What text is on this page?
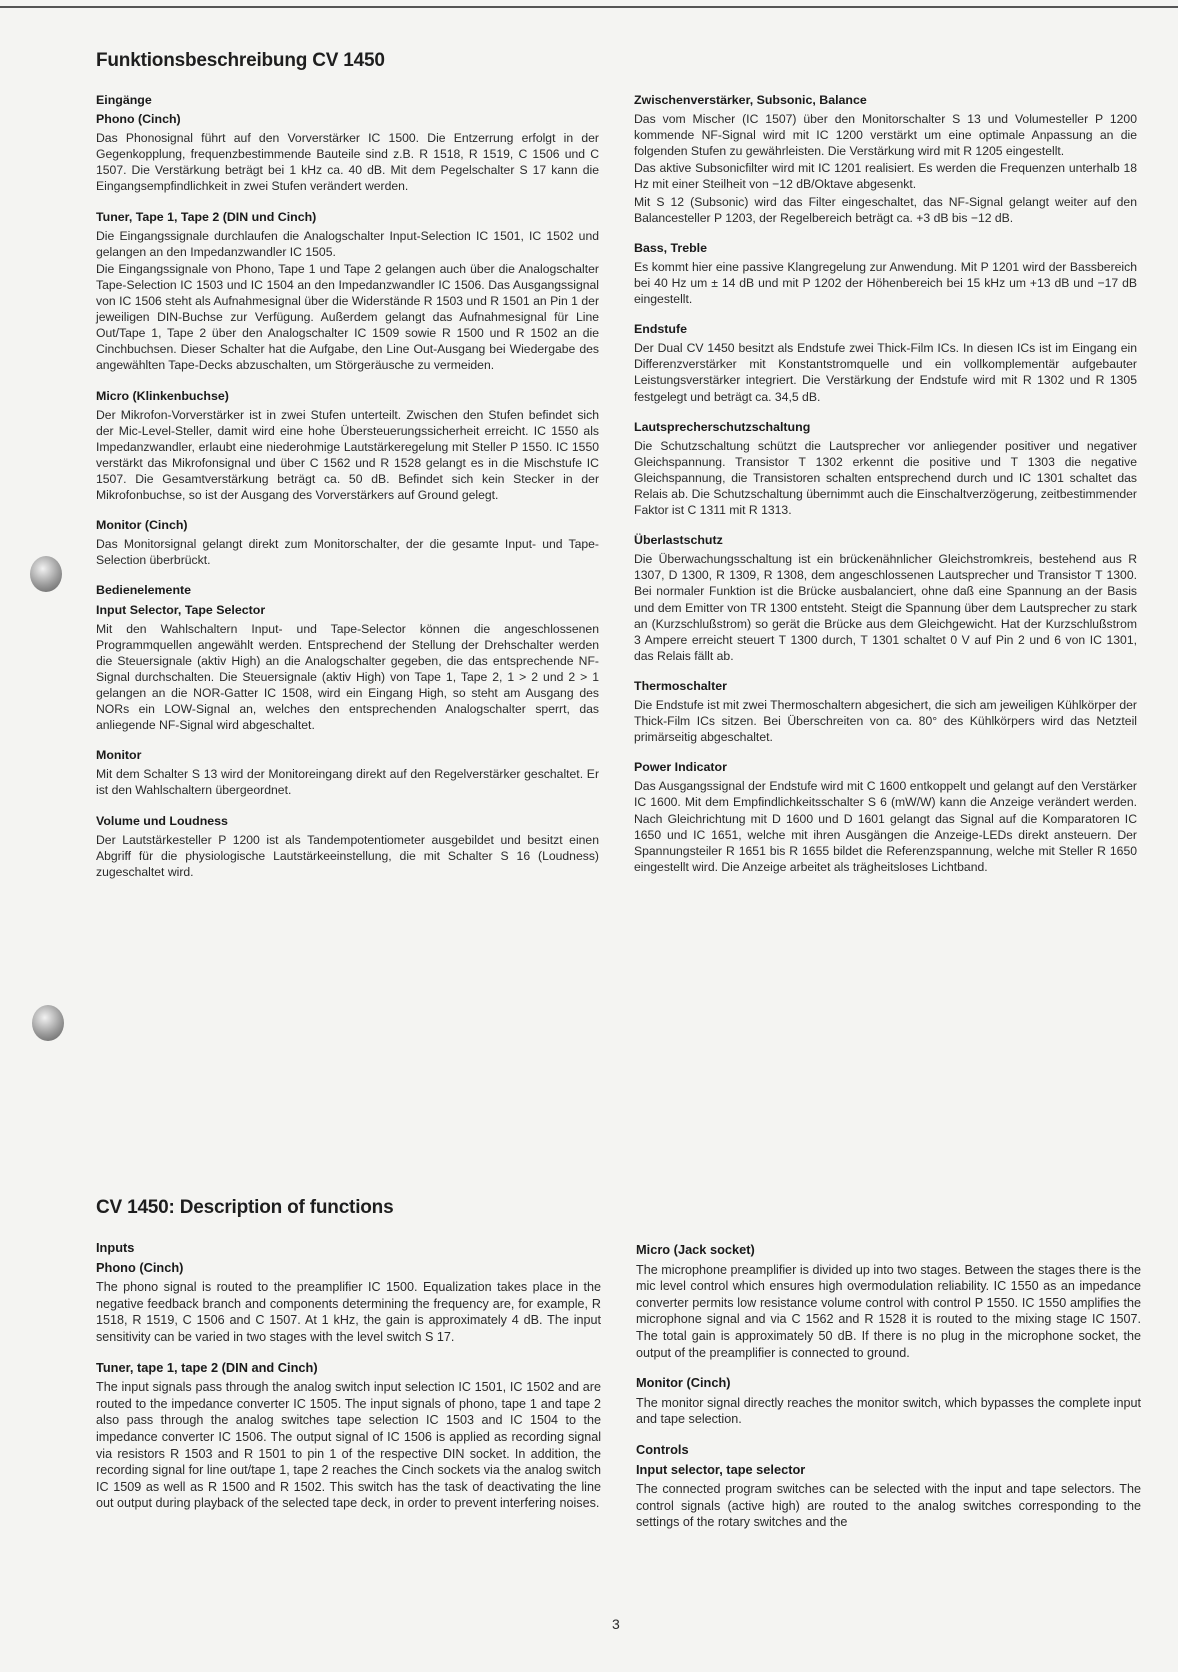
Funktionsbeschreibung CV 1450
Eingänge
Phono (Cinch)
Das Phonosignal führt auf den Vorverstärker IC 1500. Die Entzerrung erfolgt in der Gegenkopplung, frequenzbestimmende Bauteile sind z.B. R 1518, R 1519, C 1506 und C 1507. Die Verstärkung beträgt bei 1 kHz ca. 40 dB. Mit dem Pegelschalter S 17 kann die Eingangsempfindlichkeit in zwei Stufen verändert werden.
Tuner, Tape 1, Tape 2 (DIN und Cinch)
Die Eingangssignale durchlaufen die Analogschalter Input-Selection IC 1501, IC 1502 und gelangen an den Impedanzwandler IC 1505.
Die Eingangssignale von Phono, Tape 1 und Tape 2 gelangen auch über die Analogschalter Tape-Selection IC 1503 und IC 1504 an den Impedanzwandler IC 1506. Das Ausgangssignal von IC 1506 steht als Aufnahmesignal über die Widerstände R 1503 und R 1501 an Pin 1 der jeweiligen DIN-Buchse zur Verfügung. Außerdem gelangt das Aufnahmesignal für Line Out/Tape 1, Tape 2 über den Analogschalter IC 1509 sowie R 1500 und R 1502 an die Cinchbuchsen. Dieser Schalter hat die Aufgabe, den Line Out-Ausgang bei Wiedergabe des angewählten Tape-Decks abzuschalten, um Störgeräusche zu vermeiden.
Micro (Klinkenbuchse)
Der Mikrofon-Vorverstärker ist in zwei Stufen unterteilt. Zwischen den Stufen befindet sich der Mic-Level-Steller, damit wird eine hohe Übersteuerungssicherheit erreicht. IC 1550 als Impedanzwandler, erlaubt eine niederohmige Lautstärkeregelung mit Steller P 1550. IC 1550 verstärkt das Mikrofonsignal und über C 1562 und R 1528 gelangt es in die Mischstufe IC 1507. Die Gesamtverstärkung beträgt ca. 50 dB. Befindet sich kein Stecker in der Mikrofonbuchse, so ist der Ausgang des Vorverstärkers auf Ground gelegt.
Monitor (Cinch)
Das Monitorsignal gelangt direkt zum Monitorschalter, der die gesamte Input- und Tape-Selection überbrückt.
Bedienelemente
Input Selector, Tape Selector
Mit den Wahlschaltern Input- und Tape-Selector können die angeschlossenen Programmquellen angewählt werden. Entsprechend der Stellung der Drehschalter werden die Steuersignale (aktiv High) an die Analogschalter gegeben, die das entsprechende NF-Signal durchschalten. Die Steuersignale (aktiv High) von Tape 1, Tape 2, 1 > 2 und 2 > 1 gelangen an die NOR-Gatter IC 1508, wird ein Eingang High, so steht am Ausgang des NORs ein LOW-Signal an, welches den entsprechenden Analogschalter sperrt, das anliegende NF-Signal wird abgeschaltet.
Monitor
Mit dem Schalter S 13 wird der Monitoreingang direkt auf den Regelverstärker geschaltet. Er ist den Wahlschaltern übergeordnet.
Volume und Loudness
Der Lautstärkesteller P 1200 ist als Tandempotentiometer ausgebildet und besitzt einen Abgriff für die physiologische Lautstärkeeinstellung, die mit Schalter S 16 (Loudness) zugeschaltet wird.
Zwischenverstärker, Subsonic, Balance
Das vom Mischer (IC 1507) über den Monitorschalter S 13 und Volumesteller P 1200 kommende NF-Signal wird mit IC 1200 verstärkt um eine optimale Anpassung an die folgenden Stufen zu gewährleisten. Die Verstärkung wird mit R 1205 eingestellt.
Das aktive Subsonicfilter wird mit IC 1201 realisiert. Es werden die Frequenzen unterhalb 18 Hz mit einer Steilheit von −12 dB/Oktave abgesenkt.
Mit S 12 (Subsonic) wird das Filter eingeschaltet, das NF-Signal gelangt weiter auf den Balancesteller P 1203, der Regelbereich beträgt ca. +3 dB bis −12 dB.
Bass, Treble
Es kommt hier eine passive Klangregelung zur Anwendung. Mit P 1201 wird der Bassbereich bei 40 Hz um ± 14 dB und mit P 1202 der Höhenbereich bei 15 kHz um +13 dB und −17 dB eingestellt.
Endstufe
Der Dual CV 1450 besitzt als Endstufe zwei Thick-Film ICs. In diesen ICs ist im Eingang ein Differenzverstärker mit Konstantstromquelle und ein vollkomplementär aufgebauter Leistungsverstärker integriert. Die Verstärkung der Endstufe wird mit R 1302 und R 1305 festgelegt und beträgt ca. 34,5 dB.
Lautsprecherschutzschaltung
Die Schutzschaltung schützt die Lautsprecher vor anliegender positiver und negativer Gleichspannung. Transistor T 1302 erkennt die positive und T 1303 die negative Gleichspannung, die Transistoren schalten entsprechend durch und IC 1301 schaltet das Relais ab. Die Schutzschaltung übernimmt auch die Einschaltverzögerung, zeitbestimmender Faktor ist C 1311 mit R 1313.
Überlastschutz
Die Überwachungsschaltung ist ein brückenähnlicher Gleichstromkreis, bestehend aus R 1307, D 1300, R 1309, R 1308, dem angeschlossenen Lautsprecher und Transistor T 1300. Bei normaler Funktion ist die Brücke ausbalanciert, ohne daß eine Spannung an der Basis und dem Emitter von TR 1300 entsteht. Steigt die Spannung über dem Lautsprecher zu stark an (Kurzschlußstrom) so gerät die Brücke aus dem Gleichgewicht. Hat der Kurzschlußstrom 3 Ampere erreicht steuert T 1300 durch, T 1301 schaltet 0 V auf Pin 2 und 6 von IC 1301, das Relais fällt ab.
Thermoschalter
Die Endstufe ist mit zwei Thermoschaltern abgesichert, die sich am jeweiligen Kühlkörper der Thick-Film ICs sitzen. Bei Überschreiten von ca. 80° des Kühlkörpers wird das Netzteil primärseitig abgeschaltet.
Power Indicator
Das Ausgangssignal der Endstufe wird mit C 1600 entkoppelt und gelangt auf den Verstärker IC 1600. Mit dem Empfindlichkeitsschalter S 6 (mW/W) kann die Anzeige verändert werden. Nach Gleichrichtung mit D 1600 und D 1601 gelangt das Signal auf die Komparatoren IC 1650 und IC 1651, welche mit ihren Ausgängen die Anzeige-LEDs direkt ansteuern. Der Spannungsteiler R 1651 bis R 1655 bildet die Referenzspannung, welche mit Steller R 1650 eingestellt wird. Die Anzeige arbeitet als trägheitsloses Lichtband.
CV 1450: Description of functions
Inputs
Phono (Cinch)
The phono signal is routed to the preamplifier IC 1500. Equalization takes place in the negative feedback branch and components determining the frequency are, for example, R 1518, R 1519, C 1506 and C 1507. At 1 kHz, the gain is approximately 4 dB. The input sensitivity can be varied in two stages with the level switch S 17.
Tuner, tape 1, tape 2 (DIN and Cinch)
The input signals pass through the analog switch input selection IC 1501, IC 1502 and are routed to the impedance converter IC 1505. The input signals of phono, tape 1 and tape 2 also pass through the analog switches tape selection IC 1503 and IC 1504 to the impedance converter IC 1506. The output signal of IC 1506 is applied as recording signal via resistors R 1503 and R 1501 to pin 1 of the respective DIN socket. In addition, the recording signal for line out/tape 1, tape 2 reaches the Cinch sockets via the analog switch IC 1509 as well as R 1500 and R 1502. This switch has the task of deactivating the line out output during playback of the selected tape deck, in order to prevent interfering noises.
Micro (Jack socket)
The microphone preamplifier is divided up into two stages. Between the stages there is the mic level control which ensures high overmodulation reliability. IC 1550 as an impedance converter permits low resistance volume control with control P 1550. IC 1550 amplifies the microphone signal and via C 1562 and R 1528 it is routed to the mixing stage IC 1507. The total gain is approximately 50 dB. If there is no plug in the microphone socket, the output of the preamplifier is connected to ground.
Monitor (Cinch)
The monitor signal directly reaches the monitor switch, which bypasses the complete input and tape selection.
Controls
Input selector, tape selector
The connected program switches can be selected with the input and tape selectors. The control signals (active high) are routed to the analog switches corresponding to the settings of the rotary switches and the
3
